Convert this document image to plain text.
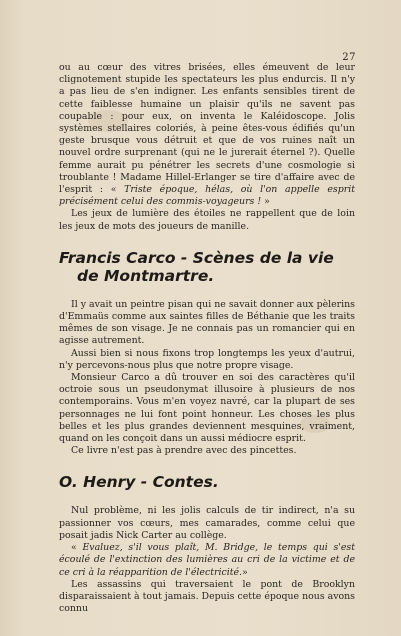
27

ou au cœur des vitres brisées, elles émeuvent de leur clignotement stupide les spectateurs les plus endurcis. Il n'y a pas lieu de s'en indigner. Les enfants sensibles tirent de cette faiblesse humaine un plaisir qu'ils ne savent pas coupable : pour eux, on inventa le Kaléidoscope. Jolis systèmes stellaires coloriés, à peine êtes-vous édifiés qu'un geste brusque vous détruit et que de vos ruines naît un nouvel ordre surprenant (qui ne le jurerait éternel ?). Quelle femme aurait pu pénétrer les secrets d'une cosmologie si troublante ! Madame Hillel-Erlanger se tire d'affaire avec de l'esprit : « Triste époque, hélas, où l'on appelle esprit précisément celui des commis-voyageurs ! »

Les jeux de lumière des étoiles ne rappellent que de loin les jeux de mots des joueurs de manille.

Francis Carco - Scènes de la vie
de Montmartre.

Il y avait un peintre pisan qui ne savait donner aux pèlerins d'Emmaüs comme aux saintes filles de Béthanie que les traits mêmes de son visage. Je ne connais pas un romancier qui en agisse autrement.

Aussi bien si nous fixons trop longtemps les yeux d'autrui, n'y percevons-nous plus que notre propre visage.

Monsieur Carco a dû trouver en soi des caractères qu'il octroie sous un pseudonymat illusoire à plusieurs de nos contemporains. Vous m'en voyez navré, car la plupart de ses personnages ne lui font point honneur. Les choses les plus belles et les plus grandes deviennent mesquines, vraiment, quand on les conçoit dans un aussi médiocre esprit.

Ce livre n'est pas à prendre avec des pincettes.

O. Henry - Contes.

Nul problème, ni les jolis calculs de tir indirect, n'a su passionner vos cœurs, mes camarades, comme celui que posait jadis Nick Carter au collège.

« Evaluez, s'il vous plaît, M. Bridge, le temps qui s'est écoulé de l'extinction des lumières au cri de la victime et de ce cri à la réapparition de l'électricité.»

Les assassins qui traversaient le pont de Brooklyn disparaissaient à tout jamais. Depuis cette époque nous avons connu
